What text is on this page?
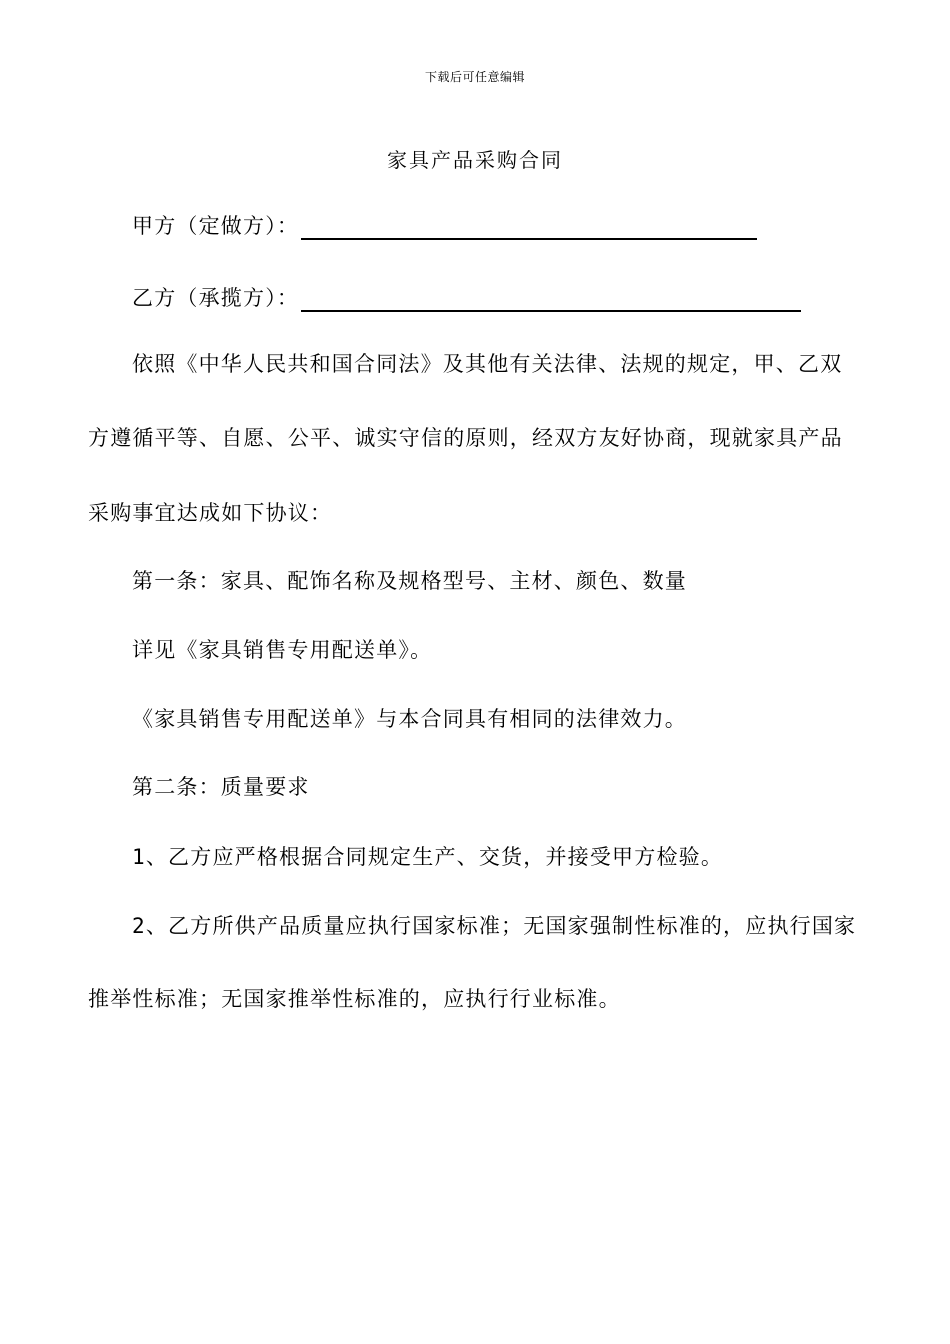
下载后可任意编辑
家具产品采购合同
甲方（定做方）：
乙方（承揽方）：
依照《中华人民共和国合同法》及其他有关法律、法规的规定，甲、乙双
方遵循平等、自愿、公平、诚实守信的原则，经双方友好协商，现就家具产品
采购事宜达成如下协议：
第一条：家具、配饰名称及规格型号、主材、颜色、数量
详见《家具销售专用配送单》。
《家具销售专用配送单》与本合同具有相同的法律效力。
第二条：质量要求
1、乙方应严格根据合同规定生产、交货，并接受甲方检验。
2、乙方所供产品质量应执行国家标准；无国家强制性标准的，应执行国家
推举性标准；无国家推举性标准的，应执行行业标准。
